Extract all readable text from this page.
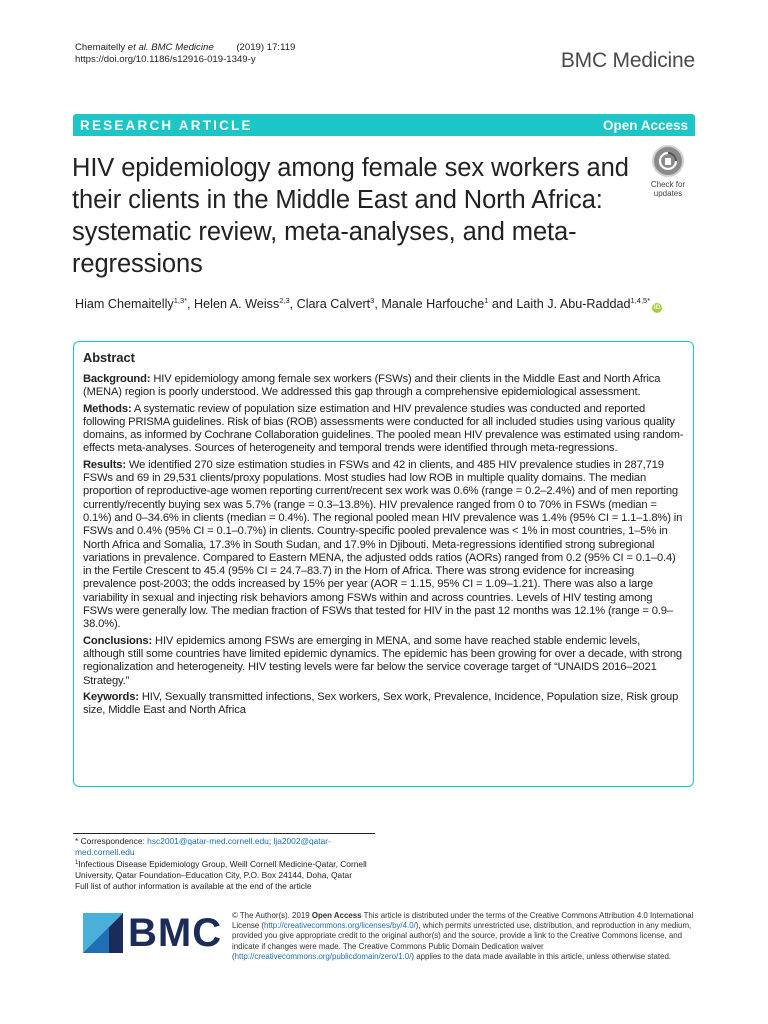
Chemaitelly et al. BMC Medicine (2019) 17:119
https://doi.org/10.1186/s12916-019-1349-y	BMC Medicine
RESEARCH ARTICLE	Open Access
HIV epidemiology among female sex workers and their clients in the Middle East and North Africa: systematic review, meta-analyses, and meta-regressions
Check for
updates
Hiam Chemaitelly$^{1,3*}$, Helen A. Weiss$^{2,3}$, Clara Calvert$^3$, Manale Harfouche$^1$ and Laith J. Abu-Raddad$^{1,4,5*}$iD
Abstract

Background: HIV epidemiology among female sex workers (FSWs) and their clients in the Middle East and North Africa (MENA) region is poorly understood. We addressed this gap through a comprehensive epidemiological assessment.

Methods: A systematic review of population size estimation and HIV prevalence studies was conducted and reported following PRISMA guidelines. Risk of bias (ROB) assessments were conducted for all included studies using various quality domains, as informed by Cochrane Collaboration guidelines. The pooled mean HIV prevalence was estimated using random-effects meta-analyses. Sources of heterogeneity and temporal trends were identified through meta-regressions.

Results: We identified 270 size estimation studies in FSWs and 42 in clients, and 485 HIV prevalence studies in 287,719 FSWs and 69 in 29,531 clients/proxy populations. Most studies had low ROB in multiple quality domains. The median proportion of reproductive-age women reporting current/recent sex work was 0.6% (range = 0.2–2.4%) and of men reporting currently/recently buying sex was 5.7% (range = 0.3–13.8%). HIV prevalence ranged from 0 to 70% in FSWs (median = 0.1%) and 0–34.6% in clients (median = 0.4%). The regional pooled mean HIV prevalence was 1.4% (95% CI = 1.1–1.8%) in FSWs and 0.4% (95% CI = 0.1–0.7%) in clients. Country-specific pooled prevalence was < 1% in most countries, 1–5% in North Africa and Somalia, 17.3% in South Sudan, and 17.9% in Djibouti. Meta-regressions identified strong subregional variations in prevalence. Compared to Eastern MENA, the adjusted odds ratios (AORs) ranged from 0.2 (95% CI = 0.1–0.4) in the Fertile Crescent to 45.4 (95% CI = 24.7–83.7) in the Horn of Africa. There was strong evidence for increasing prevalence post-2003; the odds increased by 15% per year (AOR = 1.15, 95% CI = 1.09–1.21). There was also a large variability in sexual and injecting risk behaviors among FSWs within and across countries. Levels of HIV testing among FSWs were generally low. The median fraction of FSWs that tested for HIV in the past 12 months was 12.1% (range = 0.9–38.0%).

Conclusions: HIV epidemics among FSWs are emerging in MENA, and some have reached stable endemic levels, although still some countries have limited epidemic dynamics. The epidemic has been growing for over a decade, with strong regionalization and heterogeneity. HIV testing levels were far below the service coverage target of “UNAIDS 2016–2021 Strategy.”

Keywords: HIV, Sexually transmitted infections, Sex workers, Sex work, Prevalence, Incidence, Population size, Risk group size, Middle East and North Africa

* Correspondence: hsc2001@qatar-med.cornell.edu; lja2002@qatar-med.cornell.edu
$^1$Infectious Disease Epidemiology Group, Weill Cornell Medicine-Qatar, Cornell University, Qatar Foundation–Education City, P.O. Box 24144, Doha, Qatar
Full list of author information is available at the end of the article
BMC © The Author(s). 2019 Open Access This article is distributed under the terms of the Creative Commons Attribution 4.0 International License (http://creativecommons.org/licenses/by/4.0/), which permits unrestricted use, distribution, and reproduction in any medium, provided you give appropriate credit to the original author(s) and the source, provide a link to the Creative Commons license, and indicate if changes were made. The Creative Commons Public Domain Dedication waiver (http://creativecommons.org/publicdomain/zero/1.0/) applies to the data made available in this article, unless otherwise stated.
